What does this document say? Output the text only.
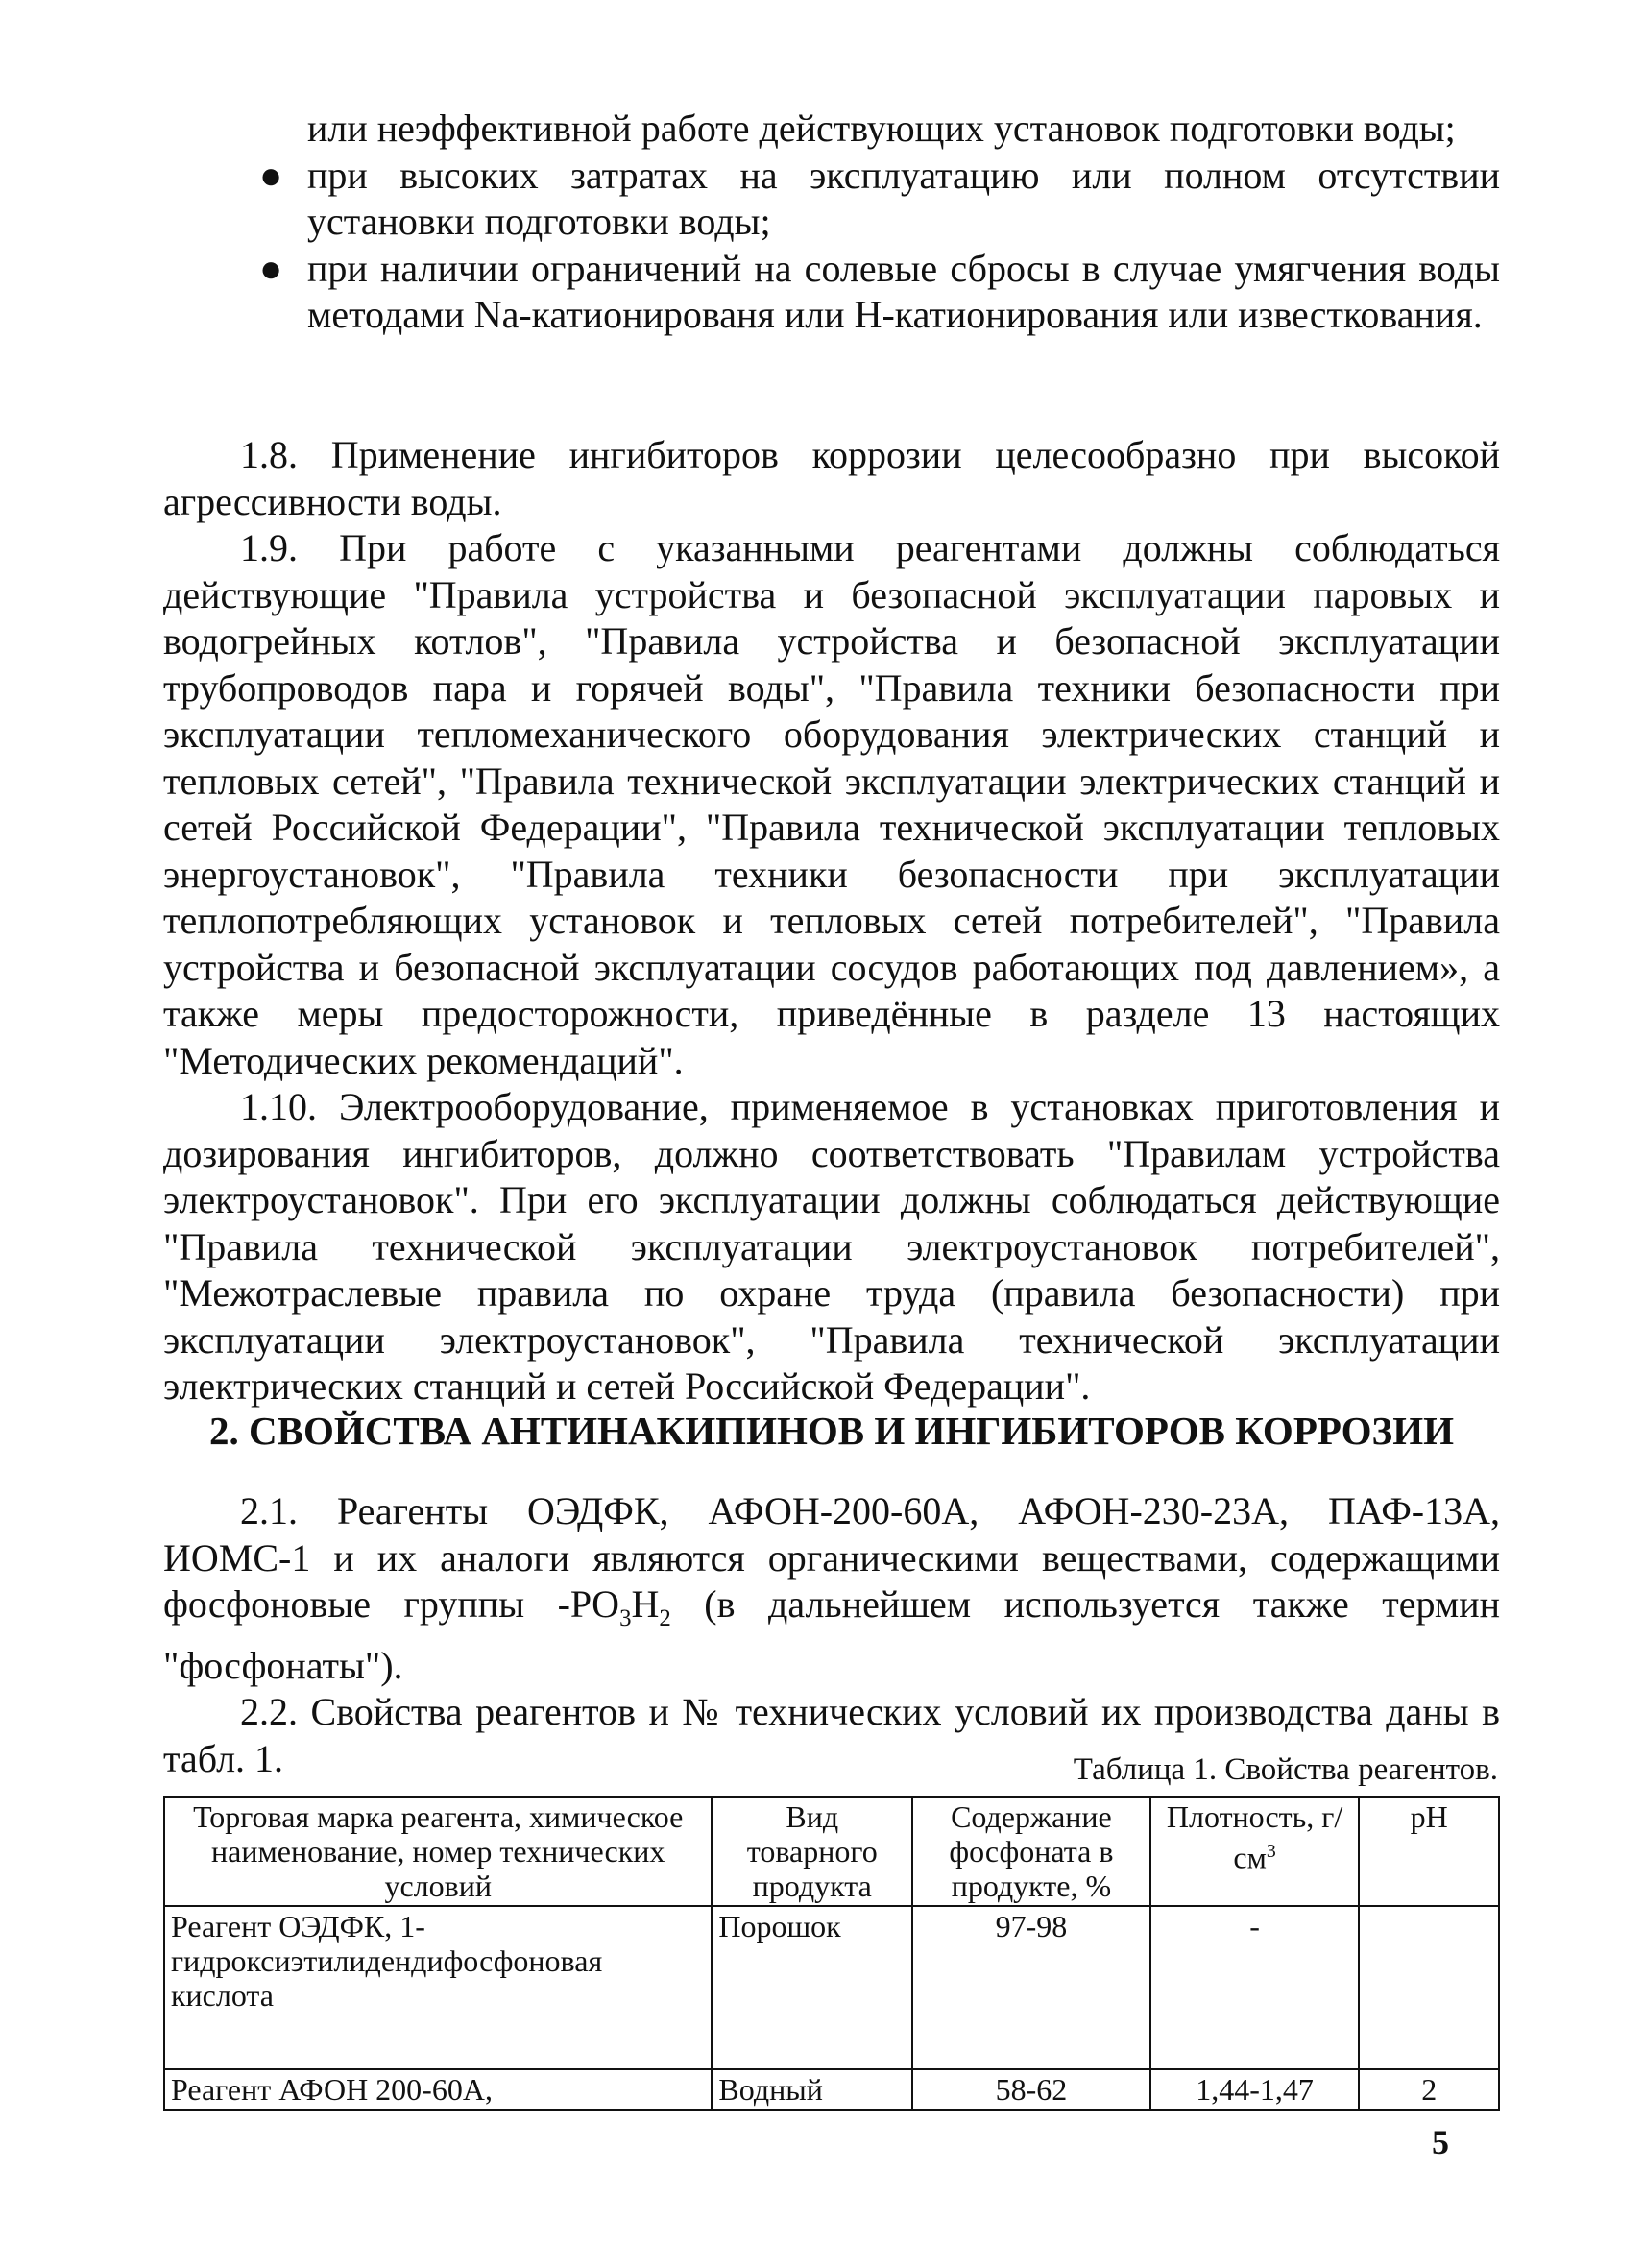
или неэффективной работе действующих установок подготовки воды;

● при высоких затратах на эксплуатацию или полном отсутствии установки подготовки воды;
● при наличии ограничений на солевые сбросы в случае умягчения воды методами Na-катионированя или Н-катионирования или известкования.

1.8. Применение ингибиторов коррозии целесообразно при высокой агрессивности воды.

1.9. При работе с указанными реагентами должны соблюдаться действующие "Правила устройства и безопасной эксплуатации паровых и водогрейных котлов", "Правила устройства и безопасной эксплуатации трубопроводов пара и горячей воды", "Правила техники безопасности при эксплуатации тепломеханического оборудования электрических станций и тепловых сетей", "Правила технической эксплуатации электрических станций и сетей Российской Федерации", "Правила технической эксплуатации тепловых энергоустановок", "Правила техники безопасности при эксплуатации теплопотребляющих установок и тепловых сетей потребителей", "Правила устройства и безопасной эксплуатации сосудов работающих под давлением», а также меры предосторожности, приведённые в разделе 13 настоящих "Методических рекомендаций".

1.10. Электрооборудование, применяемое в установках приготовления и дозирования ингибиторов, должно соответствовать "Правилам устройства электроустановок". При его эксплуатации должны соблюдаться действующие "Правила технической эксплуатации электроустановок потребителей", "Межотраслевые правила по охране труда (правила безопасности) при эксплуатации электроустановок", "Правила технической эксплуатации электрических станций и сетей Российской Федерации".

2. СВОЙСТВА АНТИНАКИПИНОВ И ИНГИБИТОРОВ КОРРОЗИИ

2.1. Реагенты ОЭДФК, АФОН-200-60А, АФОН-230-23А, ПАФ-13А, ИОМС-1 и их аналоги являются органическими веществами, содержащими фосфоновые группы $-PO_3H_2$ (в дальнейшем используется также термин "фосфонаты").

2.2. Свойства реагентов и № технических условий их производства даны в табл. 1.	Таблица 1. Свойства реагентов.
Торговая марка реагента, химическое наименование, номер технических условий	Вид товарного продукта	Содержание фосфоната в продукте, %	Плотность, $г/см^3$	pH
Реагент ОЭДФК, 1-гидроксиэтилидендифосфоновая кислота	Порошок	97-98	-	
Реагент АФОН 200-60А,	Водный	58-62	1,44-1,47	2
5
